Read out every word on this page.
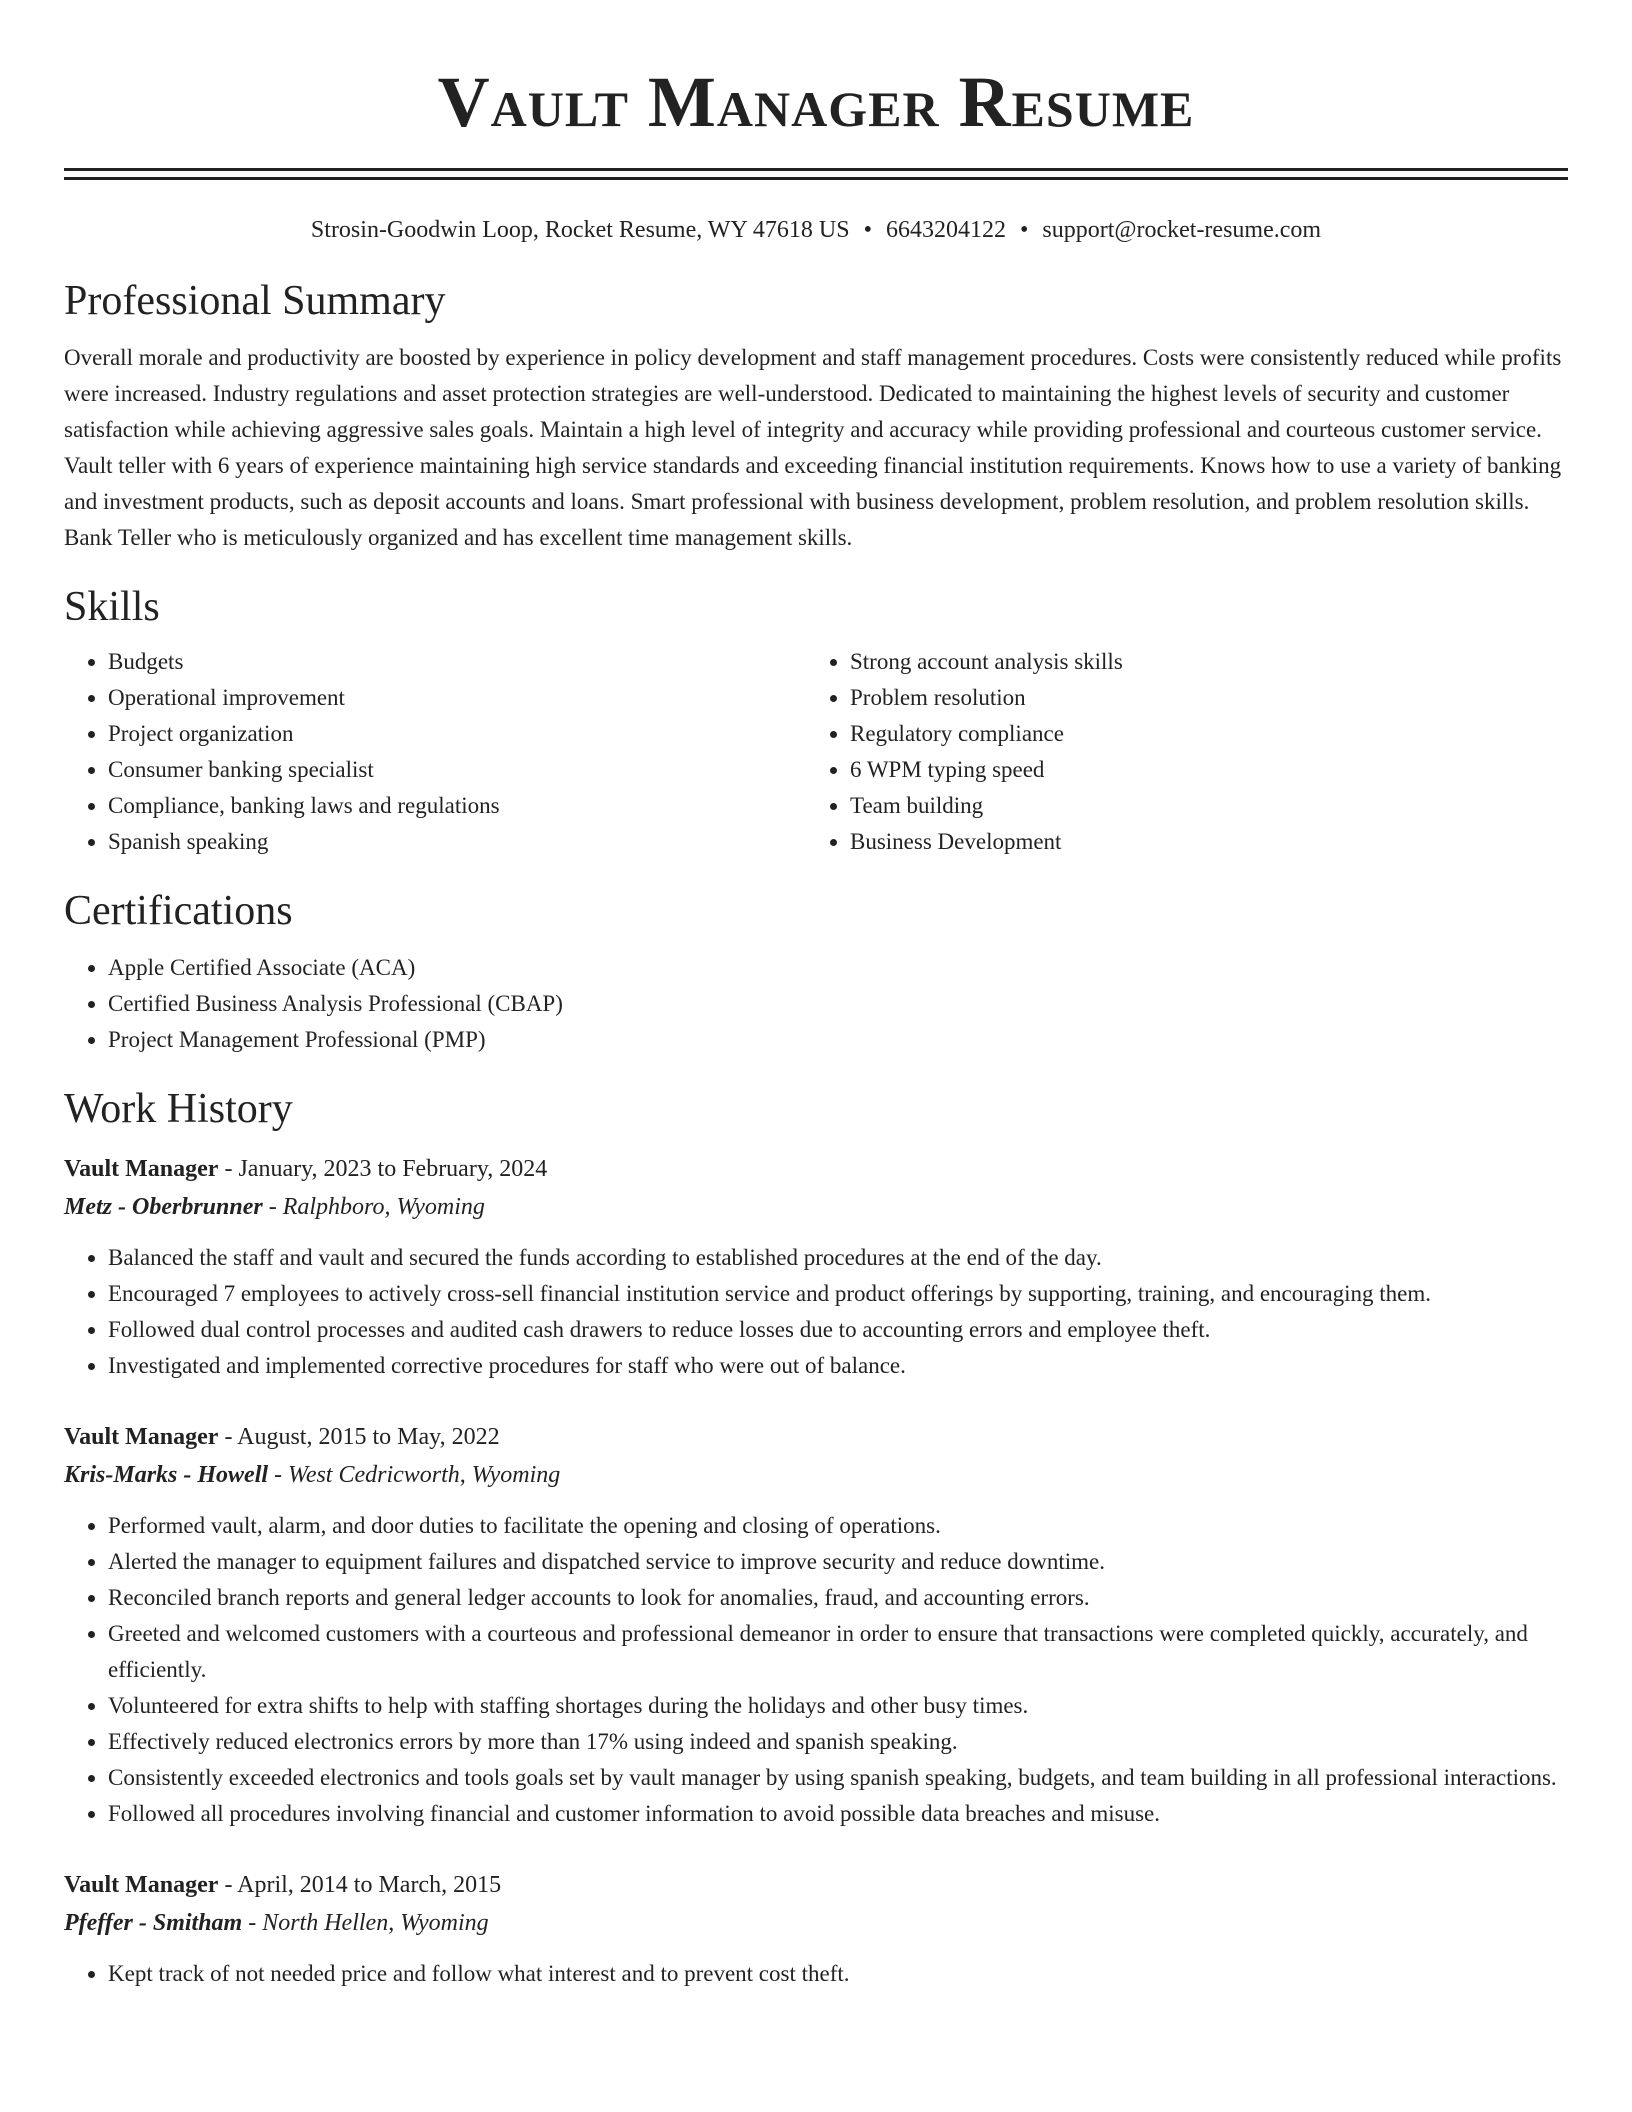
Vault Manager Resume
Strosin-Goodwin Loop, Rocket Resume, WY 47618 US • 6643204122 • support@rocket-resume.com
Professional Summary
Overall morale and productivity are boosted by experience in policy development and staff management procedures. Costs were consistently reduced while profits were increased. Industry regulations and asset protection strategies are well-understood. Dedicated to maintaining the highest levels of security and customer satisfaction while achieving aggressive sales goals. Maintain a high level of integrity and accuracy while providing professional and courteous customer service. Vault teller with 6 years of experience maintaining high service standards and exceeding financial institution requirements. Knows how to use a variety of banking and investment products, such as deposit accounts and loans. Smart professional with business development, problem resolution, and problem resolution skills. Bank Teller who is meticulously organized and has excellent time management skills.
Skills
• Budgets
• Operational improvement
• Project organization
• Consumer banking specialist
• Compliance, banking laws and regulations
• Spanish speaking
• Strong account analysis skills
• Problem resolution
• Regulatory compliance
• 6 WPM typing speed
• Team building
• Business Development
Certifications
• Apple Certified Associate (ACA)
• Certified Business Analysis Professional (CBAP)
• Project Management Professional (PMP)
Work History
Vault Manager - January, 2023 to February, 2024
Metz - Oberbrunner - Ralphboro, Wyoming
• Balanced the staff and vault and secured the funds according to established procedures at the end of the day.
• Encouraged 7 employees to actively cross-sell financial institution service and product offerings by supporting, training, and encouraging them.
• Followed dual control processes and audited cash drawers to reduce losses due to accounting errors and employee theft.
• Investigated and implemented corrective procedures for staff who were out of balance.
Vault Manager - August, 2015 to May, 2022
Kris-Marks - Howell - West Cedricworth, Wyoming
• Performed vault, alarm, and door duties to facilitate the opening and closing of operations.
• Alerted the manager to equipment failures and dispatched service to improve security and reduce downtime.
• Reconciled branch reports and general ledger accounts to look for anomalies, fraud, and accounting errors.
• Greeted and welcomed customers with a courteous and professional demeanor in order to ensure that transactions were completed quickly, accurately, and efficiently.
• Volunteered for extra shifts to help with staffing shortages during the holidays and other busy times.
• Effectively reduced electronics errors by more than 17% using indeed and spanish speaking.
• Consistently exceeded electronics and tools goals set by vault manager by using spanish speaking, budgets, and team building in all professional interactions.
• Followed all procedures involving financial and customer information to avoid possible data breaches and misuse.
Vault Manager - April, 2014 to March, 2015
Pfeffer - Smitham - North Hellen, Wyoming
• Kept track of not needed price and follow what interest and to prevent cost theft.
